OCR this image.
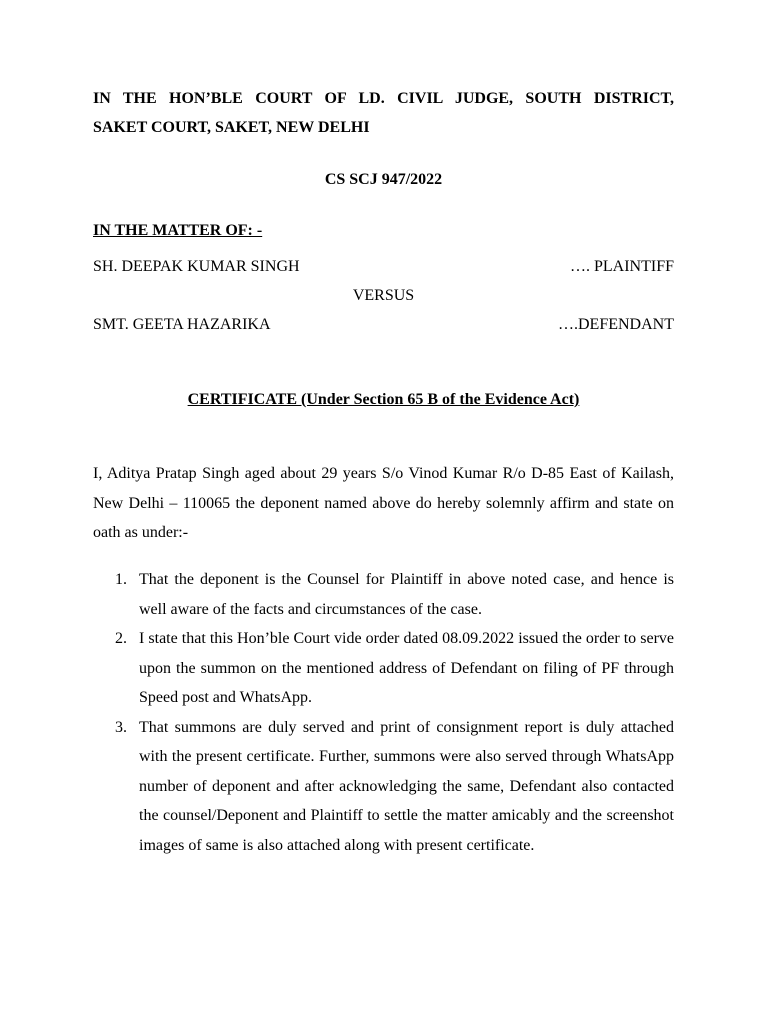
IN THE HON’BLE COURT OF LD. CIVIL JUDGE, SOUTH DISTRICT,
SAKET COURT, SAKET, NEW DELHI
CS SCJ 947/2022
IN THE MATTER OF: -
SH. DEEPAK KUMAR SINGH	…. PLAINTIFF
VERSUS
SMT. GEETA HAZARIKA	….DEFENDANT
CERTIFICATE (Under Section 65 B of the Evidence Act)

I, Aditya Pratap Singh aged about 29 years S/o Vinod Kumar R/o D-85 East of Kailash, New Delhi – 110065 the deponent named above do hereby solemnly affirm and state on oath as under:-

1. That the deponent is the Counsel for Plaintiff in above noted case, and hence is well aware of the facts and circumstances of the case.
2. I state that this Hon’ble Court vide order dated 08.09.2022 issued the order to serve upon the summon on the mentioned address of Defendant on filing of PF through Speed post and WhatsApp.
3. That summons are duly served and print of consignment report is duly attached with the present certificate. Further, summons were also served through WhatsApp number of deponent and after acknowledging the same, Defendant also contacted the counsel/Deponent and Plaintiff to settle the matter amicably and the screenshot images of same is also attached along with present certificate.
